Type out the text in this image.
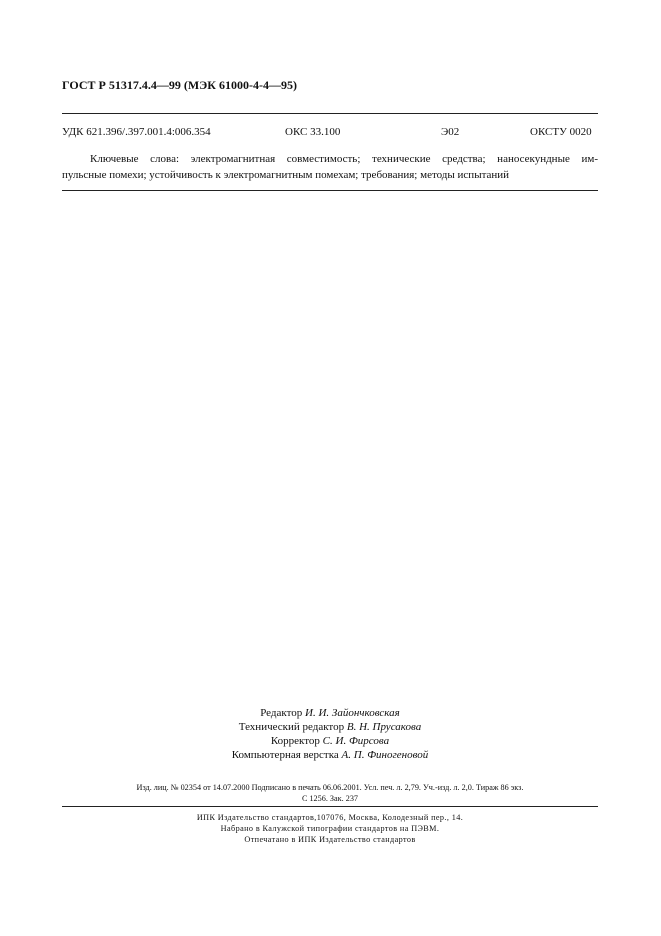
ГОСТ Р 51317.4.4—99 (МЭК 61000-4-4—95)
УДК 621.396/.397.001.4:006.354	ОКС 33.100	Э02	ОКСТУ 0020
Ключевые слова: электромагнитная совместимость; технические средства; наносекундные им-
пульсные помехи; устойчивость к электромагнитным помехам; требования; методы испытаний
Редактор И. И. Зайончковская
Технический редактор В. Н. Прусакова
Корректор С. И. Фирсова
Компьютерная верстка А. П. Финогеновой
Изд. лиц. № 02354 от 14.07.2000 Подписано в печать 06.06.2001. Усл. печ. л. 2,79. Уч.-изд. л. 2,0. Тираж 86 экз.
С 1256. Зак. 237
ИПК Издательство стандартов,107076, Москва, Колодезный пер., 14.
Набрано в Калужской типографии стандартов на ПЭВМ.
Отпечатано в ИПК Издательство стандартов
